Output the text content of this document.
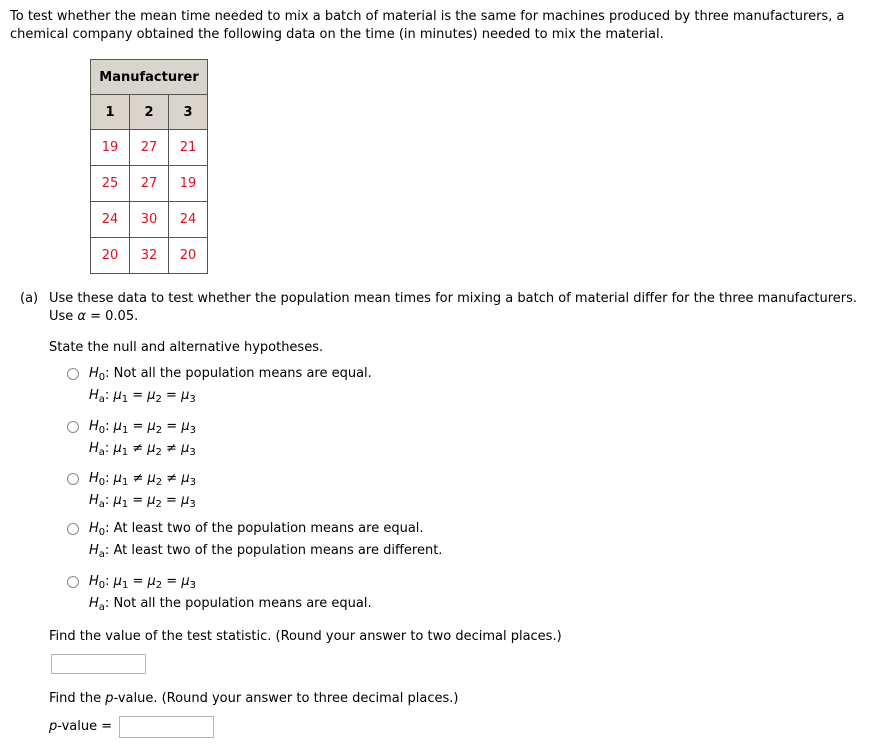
To test whether the mean time needed to mix a batch of material is the same for machines produced by three manufacturers, a chemical company obtained the following data on the time (in minutes) needed to mix the material.
Manufacturer		
1	2	3
19	27	21
25	27	19
24	30	24
20	32	20
(a) Use these data to test whether the population mean times for mixing a batch of material differ for the three manufacturers.
Use α = 0.05.
State the null and alternative hypotheses.
$H_0$: Not all the population means are equal.
$H_a$: $\mu_1 = \mu_2 = \mu_3$
$H_0$: $\mu_1 = \mu_2 = \mu_3$
$H_a$: $\mu_1 \ne \mu_2 \ne \mu_3$
$H_0$: $\mu_1 \ne \mu_2 \ne \mu_3$
$H_a$: $\mu_1 = \mu_2 = \mu_3$
$H_0$: At least two of the population means are equal.
$H_a$: At least two of the population means are different.
$H_0$: $\mu_1 = \mu_2 = \mu_3$
$H_a$: Not all the population means are equal.
Find the value of the test statistic. (Round your answer to two decimal places.)
Find the p-value. (Round your answer to three decimal places.)
p-value =
